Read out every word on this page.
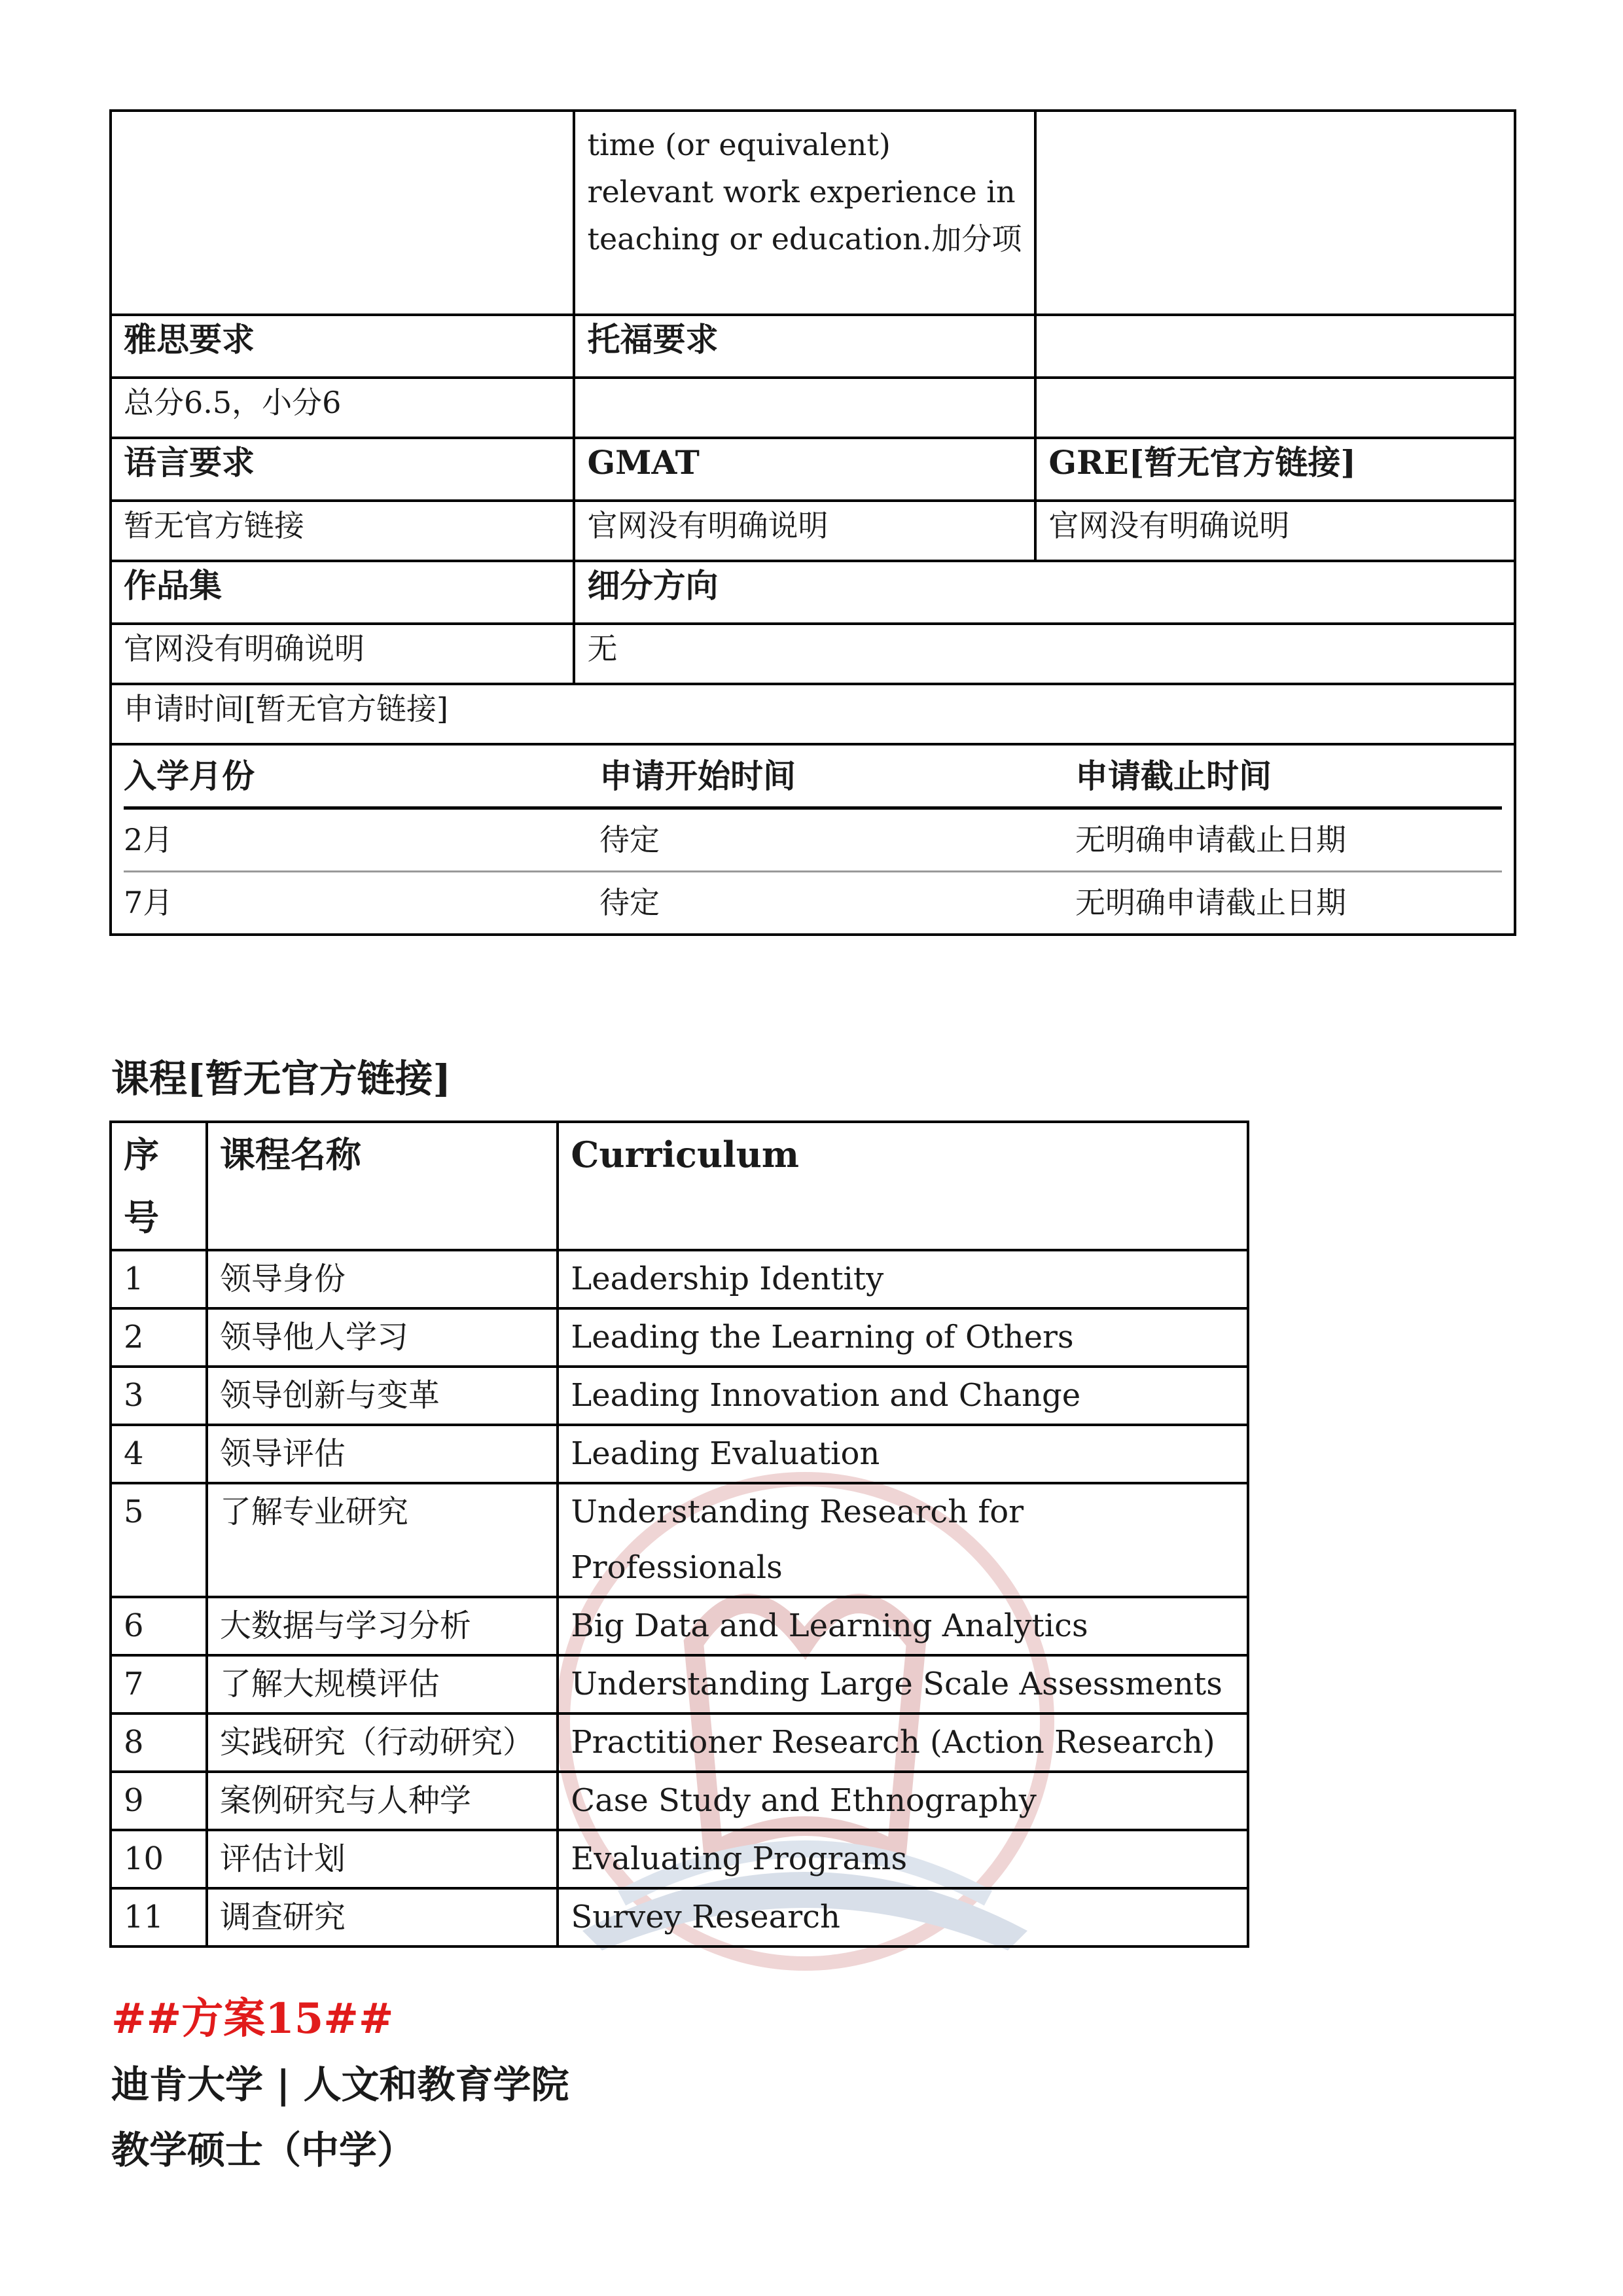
	time (or equivalent) relevant work experience in teaching or education.加分项	
雅思要求	托福要求	
总分6.5，小分6		
语言要求	GMAT	GRE[暂无官方链接]
暂无官方链接	官网没有明确说明	官网没有明确说明
作品集	细分方向
官网没有明确说明	无
申请时间[暂无官方链接]

入学月份	申请开始时间	申请截止时间
2月	待定	无明确申请截止日期
7月	待定	无明确申请截止日期

课程[暂无官方链接]

序号	课程名称	Curriculum
1	领导身份	Leadership Identity
2	领导他人学习	Leading the Learning of Others
3	领导创新与变革	Leading Innovation and Change
4	领导评估	Leading Evaluation
5	了解专业研究	Understanding Research for Professionals
6	大数据与学习分析	Big Data and Learning Analytics
7	了解大规模评估	Understanding Large Scale Assessments
8	实践研究（行动研究）	Practitioner Research (Action Research)
9	案例研究与人种学	Case Study and Ethnography
10	评估计划	Evaluating Programs
11	调查研究	Survey Research

##方案15##

迪肯大学 | 人文和教育学院

教学硕士（中学）
